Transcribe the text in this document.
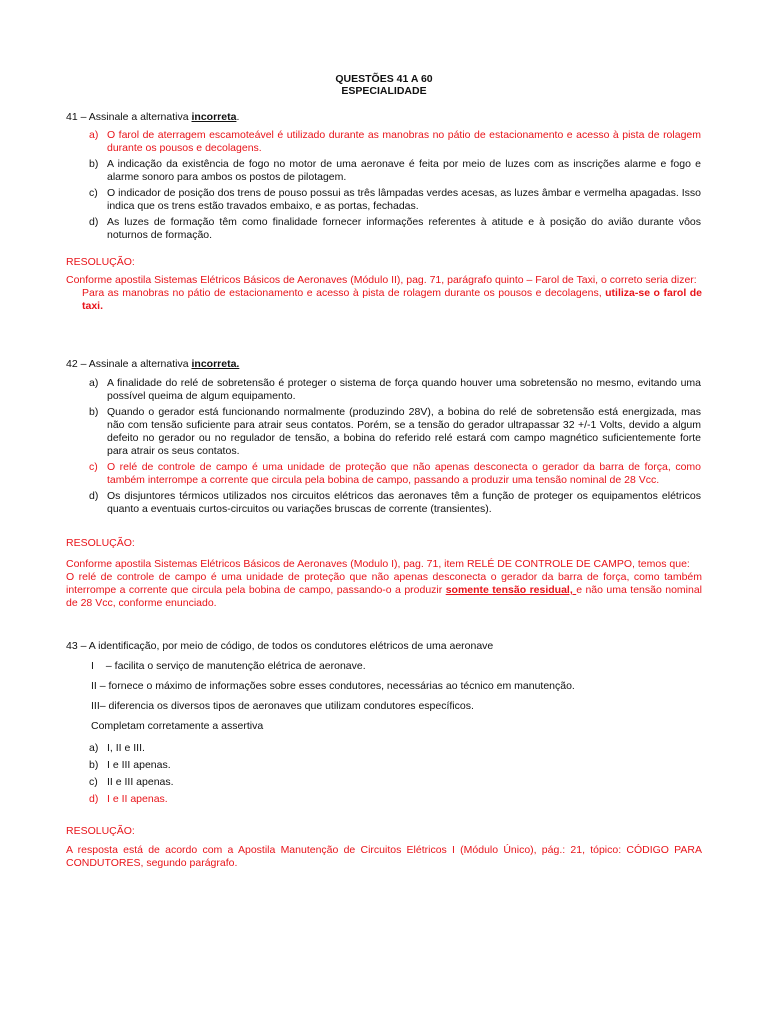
QUESTÕES 41 A 60
ESPECIALIDADE
41 – Assinale a alternativa incorreta.
a) O farol de aterragem escamoteável é utilizado durante as manobras no pátio de estacionamento e acesso à pista de rolagem durante os pousos e decolagens.
b) A indicação da existência de fogo no motor de uma aeronave é feita por meio de luzes com as inscrições alarme e fogo e alarme sonoro para ambos os postos de pilotagem.
c) O indicador de posição dos trens de pouso possui as três lâmpadas verdes acesas, as luzes âmbar e vermelha apagadas. Isso indica que os trens estão travados embaixo, e as portas, fechadas.
d) As luzes de formação têm como finalidade fornecer informações referentes à atitude e à posição do avião durante vôos noturnos de formação.
RESOLUÇÃO:
Conforme apostila Sistemas Elétricos Básicos de Aeronaves (Módulo II), pag. 71, parágrafo quinto – Farol de Taxi, o correto seria dizer:
Para as manobras no pátio de estacionamento e acesso à pista de rolagem durante os pousos e decolagens, utiliza-se o farol de taxi.
42 – Assinale a alternativa incorreta.
a) A finalidade do relé de sobretensão é proteger o sistema de força quando houver uma sobretensão no mesmo, evitando uma possível queima de algum equipamento.
b) Quando o gerador está funcionando normalmente (produzindo 28V), a bobina do relé de sobretensão está energizada, mas não com tensão suficiente para atrair seus contatos. Porém, se a tensão do gerador ultrapassar 32 +/-1 Volts, devido a algum defeito no gerador ou no regulador de tensão, a bobina do referido relé estará com campo magnético suficientemente forte para atrair os seus contatos.
c) O relé de controle de campo é uma unidade de proteção que não apenas desconecta o gerador da barra de força, como também interrompe a corrente que circula pela bobina de campo, passando a produzir uma tensão nominal de 28 Vcc.
d) Os disjuntores térmicos utilizados nos circuitos elétricos das aeronaves têm a função de proteger os equipamentos elétricos quanto a eventuais curtos-circuitos ou variações bruscas de corrente (transientes).
RESOLUÇÃO:
Conforme apostila Sistemas Elétricos Básicos de Aeronaves (Modulo I), pag. 71, item RELÉ DE CONTROLE DE CAMPO, temos que:
O relé de controle de campo é uma unidade de proteção que não apenas desconecta o gerador da barra de força, como também interrompe a corrente que circula pela bobina de campo, passando-o a produzir somente tensão residual, e não uma tensão nominal de 28 Vcc, conforme enunciado.
43 – A identificação, por meio de código, de todos os condutores elétricos de uma aeronave
I – facilita o serviço de manutenção elétrica de aeronave.
II – fornece o máximo de informações sobre esses condutores, necessárias ao técnico em manutenção.
III– diferencia os diversos tipos de aeronaves que utilizam condutores específicos.
Completam corretamente a assertiva
a) I, II e III.
b) I e III apenas.
c) II e III apenas.
d) I e II apenas.
RESOLUÇÃO:
A resposta está de acordo com a Apostila Manutenção de Circuitos Elétricos I (Módulo Único), pág.: 21, tópico: CÓDIGO PARA CONDUTORES, segundo parágrafo.
